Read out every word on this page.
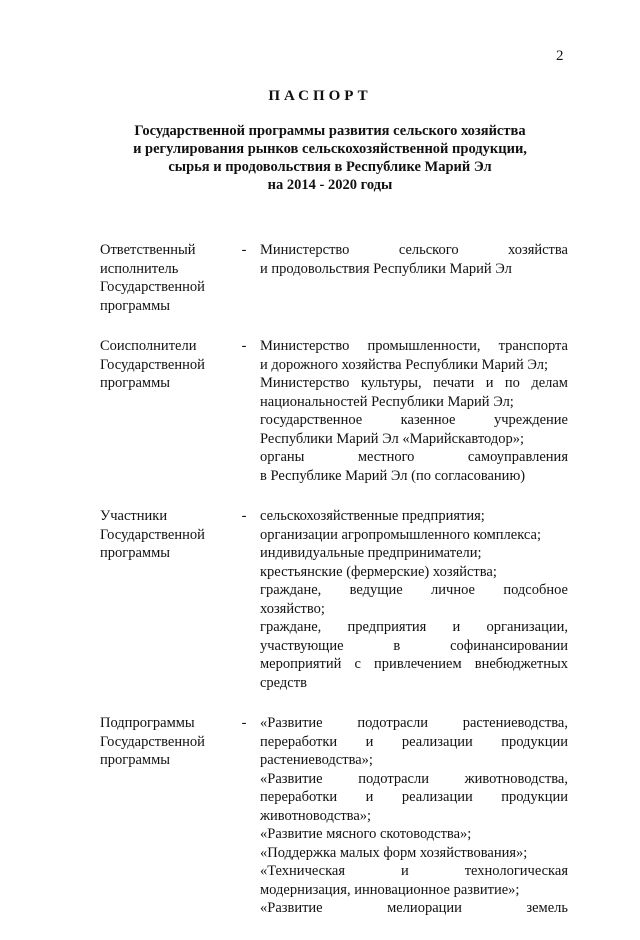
2
ПАСПОРТ
Государственной программы развития сельского хозяйства
и регулирования рынков сельскохозяйственной продукции,
сырья и продовольствия в Республике Марий Эл
на 2014 - 2020 годы
Ответственный
исполнитель
Государственной
программы
- Министерство сельского хозяйства
и продовольствия Республики Марий Эл
Соисполнители
Государственной
программы
- Министерство промышленности, транспорта
и дорожного хозяйства Республики Марий Эл;
Министерство культуры, печати и по делам
национальностей Республики Марий Эл;
государственное казенное учреждение
Республики Марий Эл «Марийскавтодор»;
органы местного самоуправления
в Республике Марий Эл (по согласованию)
Участники
Государственной
программы
- сельскохозяйственные предприятия;
организации агропромышленного комплекса;
индивидуальные предприниматели;
крестьянские (фермерские) хозяйства;
граждане, ведущие личное подсобное
хозяйство;
граждане, предприятия и организации,
участвующие в софинансировании
мероприятий с привлечением внебюджетных
средств
Подпрограммы
Государственной
программы
- «Развитие подотрасли растениеводства,
переработки и реализации продукции
растениеводства»;
«Развитие подотрасли животноводства,
переработки и реализации продукции
животноводства»;
«Развитие мясного скотоводства»;
«Поддержка малых форм хозяйствования»;
«Техническая и технологическая
модернизация, инновационное развитие»;
«Развитие мелиорации земель
